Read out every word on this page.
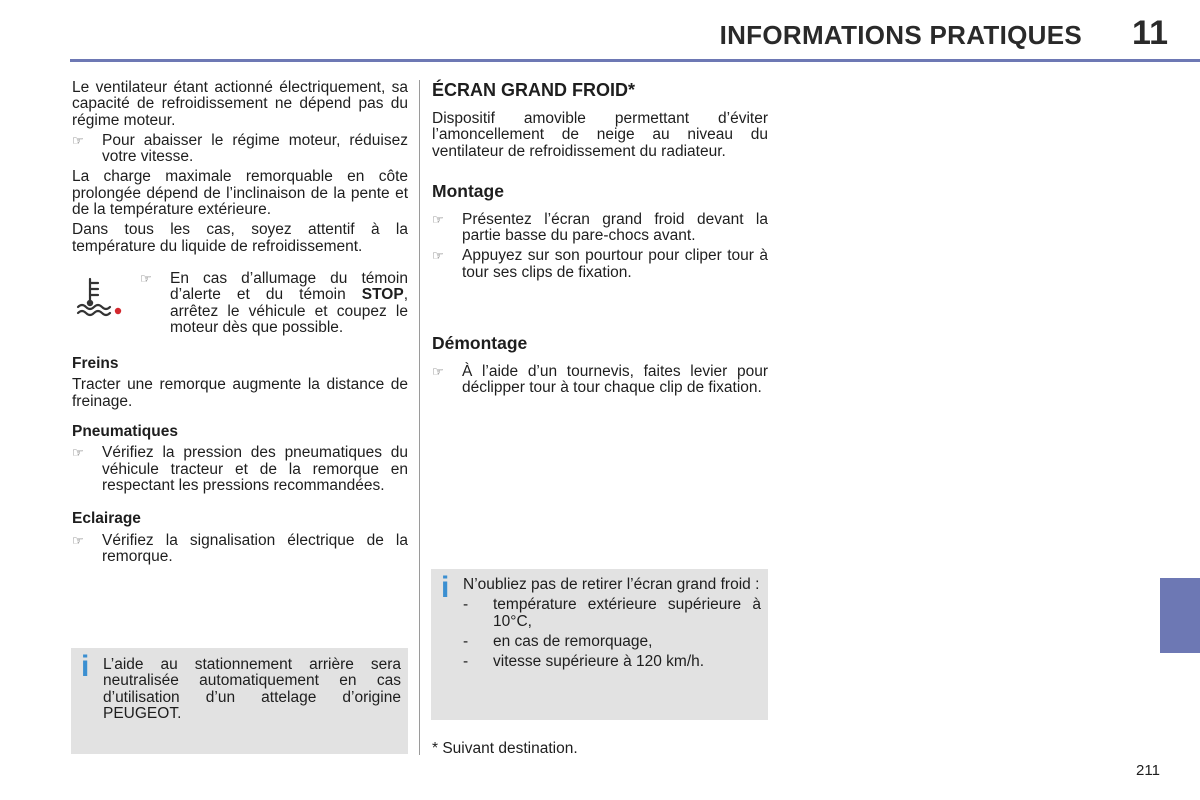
INFORMATIONS PRATIQUES 11

Le ventilateur étant actionné électriquement, sa capacité de refroidissement ne dépend pas du régime moteur.

☞	Pour abaisser le régime moteur, réduisez votre vitesse.

La charge maximale remorquable en côte prolongée dépend de l’inclinaison de la pente et de la température extérieure.

Dans tous les cas, soyez attentif à la température du liquide de refroidissement.

☞	En cas d’allumage du témoin d’alerte et du témoin STOP, arrêtez le véhicule et coupez le moteur dès que possible.

Freins

Tracter une remorque augmente la distance de freinage.

Pneumatiques

☞	Vérifiez la pression des pneumatiques du véhicule tracteur et de la remorque en respectant les pressions recommandées.

Eclairage

☞	Vérifiez la signalisation électrique de la remorque.
i L’aide au stationnement arrière sera neutralisée automatiquement en cas d’utilisation d’un attelage d’origine PEUGEOT.
ÉCRAN GRAND FROID*

Dispositif amovible permettant d’éviter l’amoncellement de neige au niveau du ventilateur de refroidissement du radiateur.

Montage
☞	Présentez l’écran grand froid devant la partie basse du pare-chocs avant.
☞	Appuyez sur son pourtour pour cliper tour à tour ses clips de fixation.
Démontage
☞	À l’aide d’un tournevis, faites levier pour déclipper tour à tour chaque clip de fixation.
i N’oubliez pas de retirer l’écran grand froid :
-	température extérieure supérieure à 10°C,
-	en cas de remorquage,
-	vitesse supérieure à 120 km/h.
* Suivant destination.
211
